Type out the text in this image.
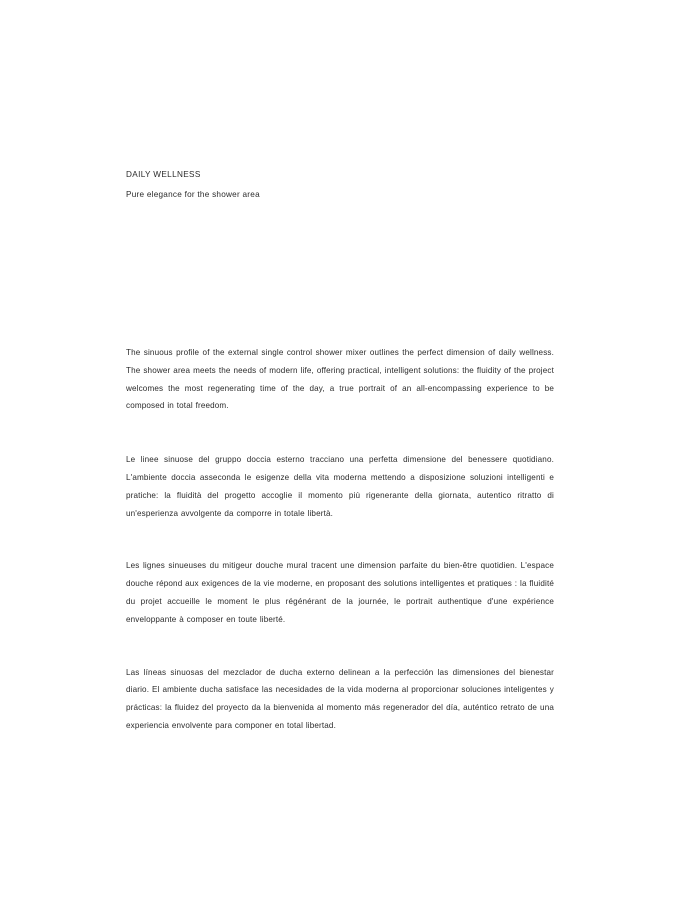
DAILY WELLNESS

Pure elegance for the shower area

The sinuous profile of the external single control shower mixer outlines the perfect dimension of daily wellness. The shower area meets the needs of modern life, offering practical, intelligent solutions: the fluidity of the project welcomes the most regenerating time of the day, a true portrait of an all-encompassing experience to be composed in total freedom.

Le linee sinuose del gruppo doccia esterno tracciano una perfetta dimensione del benessere quotidiano. L'ambiente doccia asseconda le esigenze della vita moderna mettendo a disposizione soluzioni intelligenti e pratiche: la fluidità del progetto accoglie il momento più rigenerante della giornata, autentico ritratto di un'esperienza avvolgente da comporre in totale libertà.

Les lignes sinueuses du mitigeur douche mural tracent une dimension parfaite du bien-être quotidien. L'espace douche répond aux exigences de la vie moderne, en proposant des solutions intelligentes et pratiques : la fluidité du projet accueille le moment le plus régénérant de la journée, le portrait authentique d'une expérience enveloppante à composer en toute liberté.

Las líneas sinuosas del mezclador de ducha externo delinean a la perfección las dimensiones del bienestar diario. El ambiente ducha satisface las necesidades de la vida moderna al proporcionar soluciones inteligentes y prácticas: la fluidez del proyecto da la bienvenida al momento más regenerador del día, auténtico retrato de una experiencia envolvente para componer en total libertad.
